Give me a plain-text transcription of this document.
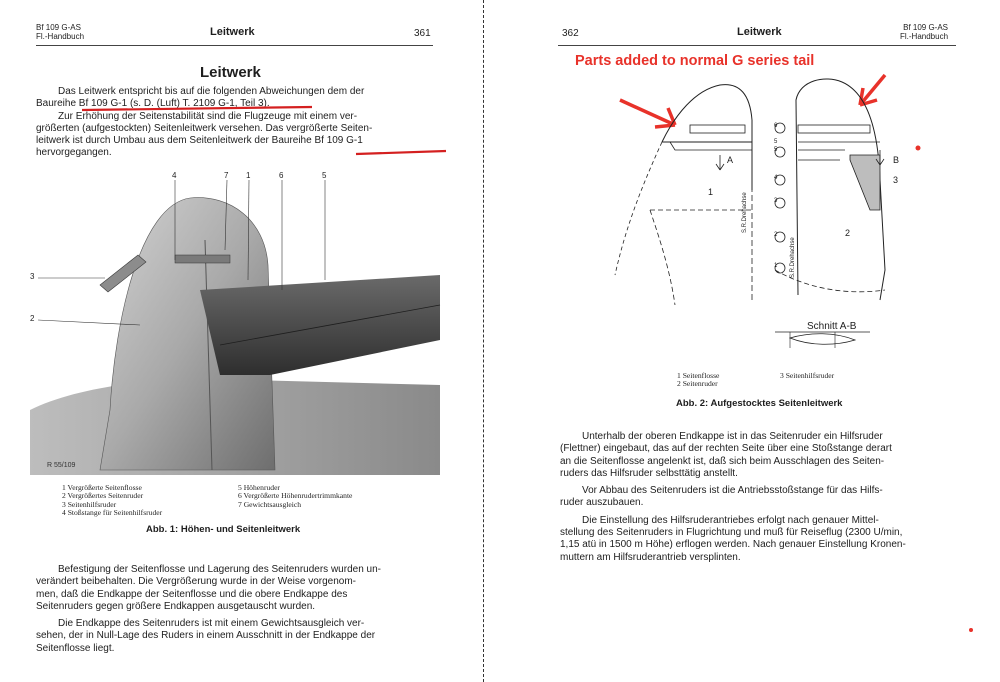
Bf 109 G-AS
Fl.-Handbuch	Leitwerk	361
Leitwerk
Das Leitwerk entspricht bis auf die folgenden Abweichungen dem der
Baureihe Bf 109 G-1 (s. D. (Luft) T. 2109 G-1, Teil 3).
Zur Erhöhung der Seitenstabilität sind die Flugzeuge mit einem ver-
größerten (aufgestockten) Seitenleitwerk versehen. Das vergrößerte Seiten-
leitwerk ist durch Umbau aus dem Seitenleitwerk der Baureihe Bf 109 G-1
hervorgegangen.
4	7 1	6	5
3
2
R 55/109
1 Vergrößerte Seitenflosse
2 Vergrößertes Seitenruder
3 Seitenhilfsruder
4 Stoßstange für Seitenhilfsruder
5 Höhenruder
6 Vergrößerte Höhenrudertrimmkante
7 Gewichtsausgleich
Abb. 1: Höhen- und Seitenleitwerk
Befestigung der Seitenflosse und Lagerung des Seitenruders wurden un-
verändert beibehalten. Die Vergrößerung wurde in der Weise vorgenom-
men, daß die Endkappe der Seitenflosse und die obere Endkappe des
Seitenruders gegen größere Endkappen ausgetauscht wurden.
Die Endkappe des Seitenruders ist mit einem Gewichtsausgleich ver-
sehen, der in Null-Lage des Ruders in einem Ausschnitt in der Endkappe der
Seitenflosse liegt.
362	Leitwerk	Bf 109 G-AS
Fl.-Handbuch
Parts added to normal G series tail
A	B
1
2
3
1
2
3
4
5
6
5
S.R.Drehachse
S.R.Drehachse
Schnitt A-B
1 Seitenflosse
2 Seitenruder
3 Seitenhilfsruder
Abb. 2: Aufgestocktes Seitenleitwerk
Unterhalb der oberen Endkappe ist in das Seitenruder ein Hilfsruder
(Flettner) eingebaut, das auf der rechten Seite über eine Stoßstange derart
an die Seitenflosse angelenkt ist, daß sich beim Ausschlagen des Seiten-
ruders das Hilfsruder selbsttätig anstellt.
Vor Abbau des Seitenruders ist die Antriebsstoßstange für das Hilfs-
ruder auszubauen.
Die Einstellung des Hilfsruderantriebes erfolgt nach genauer Mittel-
stellung des Seitenruders in Flugrichtung und muß für Reiseflug (2300 U/min,
1,15 atü in 1500 m Höhe) erflogen werden. Nach genauer Einstellung Kronen-
muttern am Hilfsruderantrieb versplinten.
